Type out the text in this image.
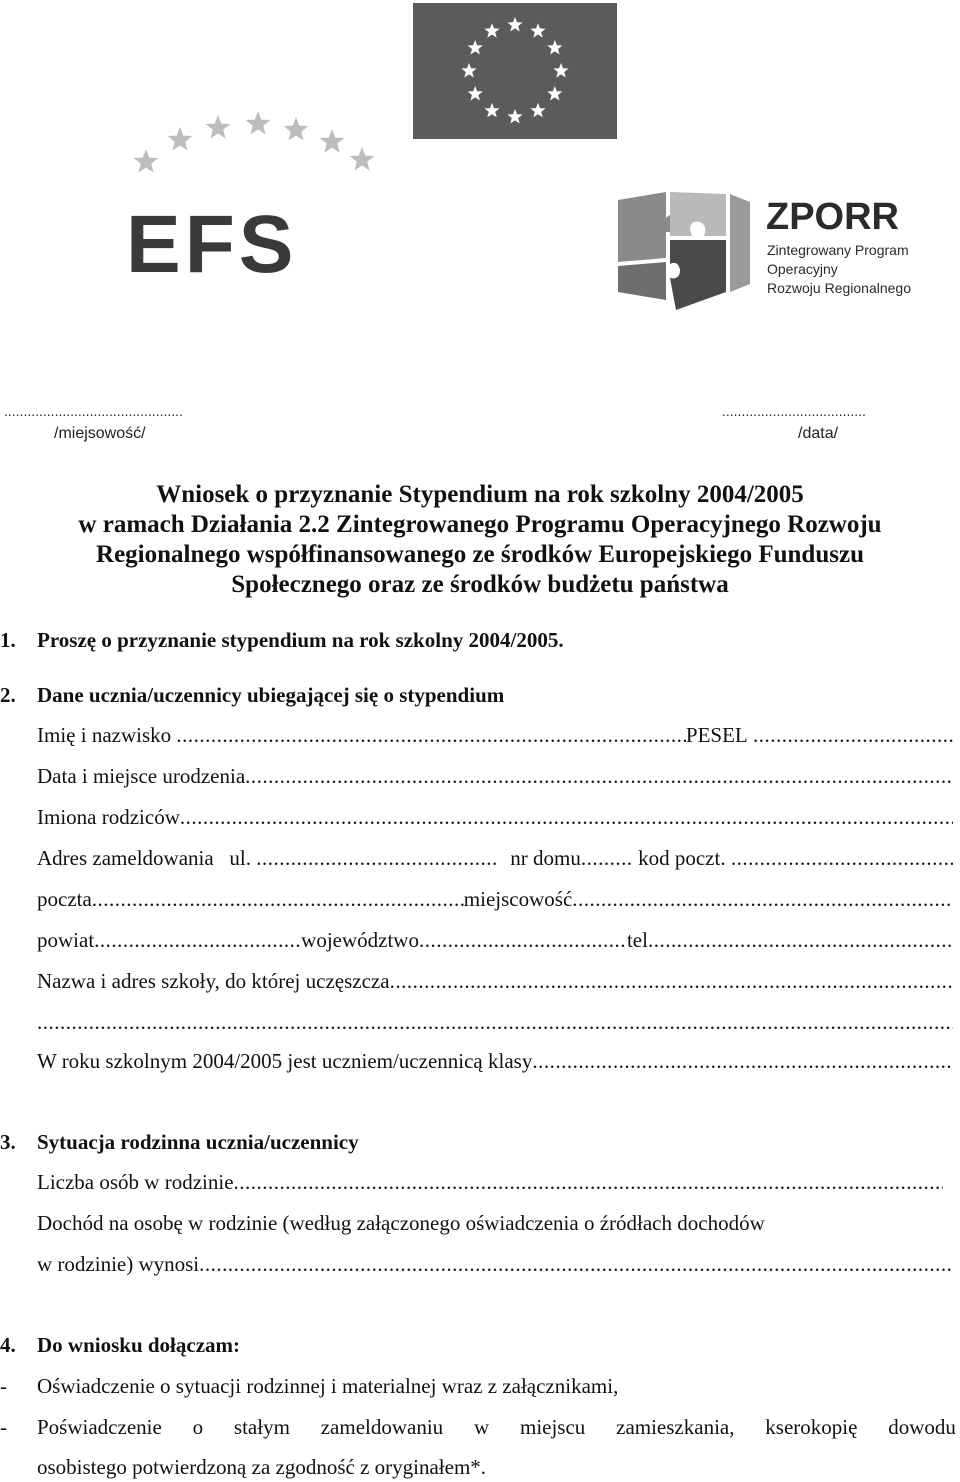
EFS	ZPORR
Zintegrowany Program
Operacyjny
Rozwoju Regionalnego
..............................................
/miejsowość/
.....................................
/data/
Wniosek o przyznanie Stypendium na rok szkolny 2004/2005
w ramach Działania 2.2 Zintegrowanego Programu Operacyjnego Rozwoju
Regionalnego współfinansowanego ze środków Europejskiego Funduszu
Społecznego oraz ze środków budżetu państwa
1. Proszę o przyznanie stypendium na rok szkolny 2004/2005.
2. Dane ucznia/uczennicy ubiegającej się o stypendium
Imię i nazwisko
.....	PESEL

.....
Data i miejsce urodzenia
.....
Imiona rodziców
.....
Adres zameldowania   ul. .....	nr domu .....
	kod poczt.
.....
poczta .....	miejscowość
.....
powiat .....	województwo .....	tel
.....
Nazwa i adres szkoły, do której uczęszcza
.....
.....
W roku szkolnym 2004/2005 jest uczniem/uczennicą klasy
.....
3. Sytuacja rodzinna ucznia/uczennicy
Liczba osób w rodzinie
.....
Dochód na osobę w rodzinie (według załączonego oświadczenia o źródłach dochodów
w rodzinie) wynosi
.....
4. Do wniosku dołączam:
- Oświadczenie o sytuacji rodzinnej i materialnej wraz z załącznikami,
- Poświadczenie o stałym zameldowaniu w miejscu zamieszkania, kserokopię dowodu
osobistego potwierdzoną za zgodność z oryginałem*.
